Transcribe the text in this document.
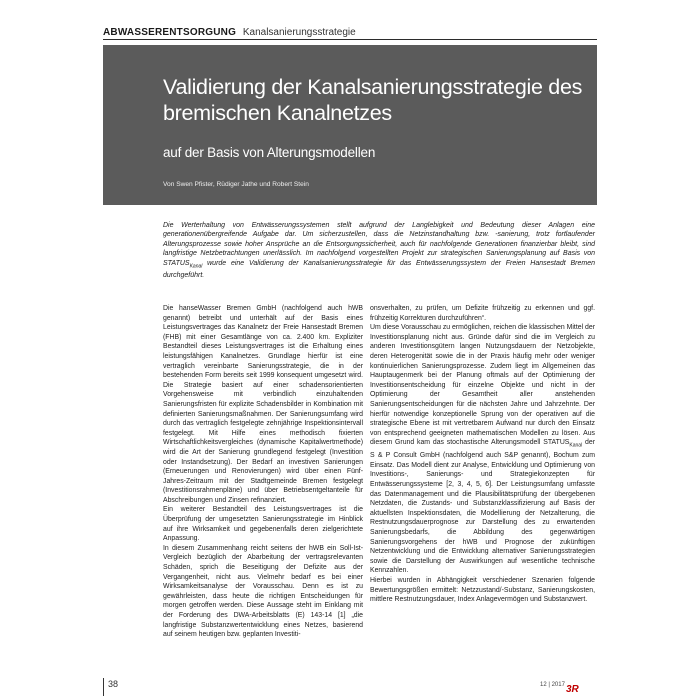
ABWASSERENTSORGUNG Kanalsanierungsstrategie
Validierung der Kanalsanierungsstrategie des bremischen Kanalnetzes
auf der Basis von Alterungsmodellen
Von Swen Pfister, Rüdiger Jathe und Robert Stein
Die Werterhaltung von Entwässerungssystemen stellt aufgrund der Langlebigkeit und Bedeutung dieser Anlagen eine generationenübergreifende Aufgabe dar. Um sicherzustellen, dass die Netzinstandhaltung bzw. -sanierung, trotz fortlaufender Alterungsprozesse sowie hoher Ansprüche an die Entsorgungssicherheit, auch für nachfolgende Generationen finanzierbar bleibt, sind langfristige Netzbetrachtungen unerlässlich. Im nachfolgend vorgestellten Projekt zur strategischen Sanierungsplanung auf Basis von $STATUS_{Kanal}$ wurde eine Validierung der Kanalsanierungsstrategie für das Entwässerungssystem der Freien Hansestadt Bremen durchgeführt.

Die hanseWasser Bremen GmbH (nachfolgend auch hWB genannt) betreibt und unterhält auf der Basis eines Leistungsvertrages das Kanalnetz der Freie Hansestadt Bremen (FHB) mit einer Gesamtlänge von ca. 2.400 km. Expliziter Bestandteil dieses Leistungsvertrages ist die Erhaltung eines leistungsfähigen Kanalnetzes. Grundlage hierfür ist eine vertraglich vereinbarte Sanierungsstrategie, die in der bestehenden Form bereits seit 1999 konsequent umgesetzt wird. Die Strategie basiert auf einer schadensorientierten Vorgehensweise mit verbindlich einzuhaltenden Sanierungsfristen für explizite Schadensbilder in Kombination mit definierten Sanierungsmaßnahmen. Der Sanierungsumfang wird durch das vertraglich festgelegte zehnjährige Inspektionsintervall festgelegt. Mit Hilfe eines methodisch fixierten Wirtschaftlichkeitsvergleiches (dynamische Kapitalwertmethode) wird die Art der Sanierung grundlegend festgelegt (Investition oder Instandsetzung). Der Bedarf an investiven Sanierungen (Erneuerungen und Renovierungen) wird über einen Fünf-Jahres-Zeitraum mit der Stadtgemeinde Bremen festgelegt (Investitionsrahmenpläne) und über Betriebsentgeltanteile für Abschreibungen und Zinsen refinanziert.

Ein weiterer Bestandteil des Leistungsvertrages ist die Überprüfung der umgesetzten Sanierungsstrategie im Hinblick auf ihre Wirksamkeit und gegebenenfalls deren zielgerichtete Anpassung.

In diesem Zusammenhang reicht seitens der hWB ein Soll-Ist-Vergleich bezüglich der Abarbeitung der vertragsrelevanten Schäden, sprich die Beseitigung der Defizite aus der Vergangenheit, nicht aus. Vielmehr bedarf es bei einer Wirksamkeitsanalyse der Vorausschau. Denn es ist zu gewährleisten, dass heute die richtigen Entscheidungen für morgen getroffen werden. Diese Aussage steht im Einklang mit der Forderung des DWA-Arbeitsblatts (E) 143-14 [1] „die langfristige Substanzwertentwicklung eines Netzes, basierend auf seinem heutigen bzw. geplanten Investiti-

onsverhalten, zu prüfen, um Defizite frühzeitig zu erkennen und ggf. frühzeitig Korrekturen durchzuführen“.

Um diese Vorausschau zu ermöglichen, reichen die klassischen Mittel der Investitionsplanung nicht aus. Gründe dafür sind die im Vergleich zu anderen Investitionsgütern langen Nutzungsdauern der Netzobjekte, deren Heterogenität sowie die in der Praxis häufig mehr oder weniger kontinuierlichen Sanierungsprozesse. Zudem liegt im Allgemeinen das Hauptaugenmerk bei der Planung oftmals auf der Optimierung der Investitionsentscheidung für einzelne Objekte und nicht in der Optimierung der Gesamtheit aller anstehenden Sanierungsentscheidungen für die nächsten Jahre und Jahrzehnte. Der hierfür notwendige konzeptionelle Sprung von der operativen auf die strategische Ebene ist mit vertretbarem Aufwand nur durch den Einsatz von entsprechend geeigneten mathematischen Modellen zu lösen. Aus diesem Grund kam das stochastische Alterungsmodell $STATUS_{Kanal}$ der S & P Consult GmbH (nachfolgend auch S&P genannt), Bochum zum Einsatz. Das Modell dient zur Analyse, Entwicklung und Optimierung von Investitions-, Sanierungs- und Strategiekonzepten für Entwässerungssysteme [2, 3, 4, 5, 6]. Der Leistungsumfang umfasste das Datenmanagement und die Plausibilitätsprüfung der übergebenen Netzdaten, die Zustands- und Substanzklassifizierung auf Basis der aktuellsten Inspektionsdaten, die Modellierung der Netzalterung, die Restnutzungsdauerprognose zur Darstellung des zu erwartenden Sanierungsbedarfs, die Abbildung des gegenwärtigen Sanierungsvorgehens der hWB und Prognose der zukünftigen Netzentwicklung und die Entwicklung alternativer Sanierungsstrategien sowie die Darstellung der Auswirkungen auf wesentliche technische Kennzahlen.

Hierbei wurden in Abhängigkeit verschiedener Szenarien folgende Bewertungsgrößen ermittelt: Netzzustand/-Substanz, Sanierungskosten, mittlere Restnutzungsdauer, Index Anlagevermögen und Substanzwert.

38	12 | 2017 3R
